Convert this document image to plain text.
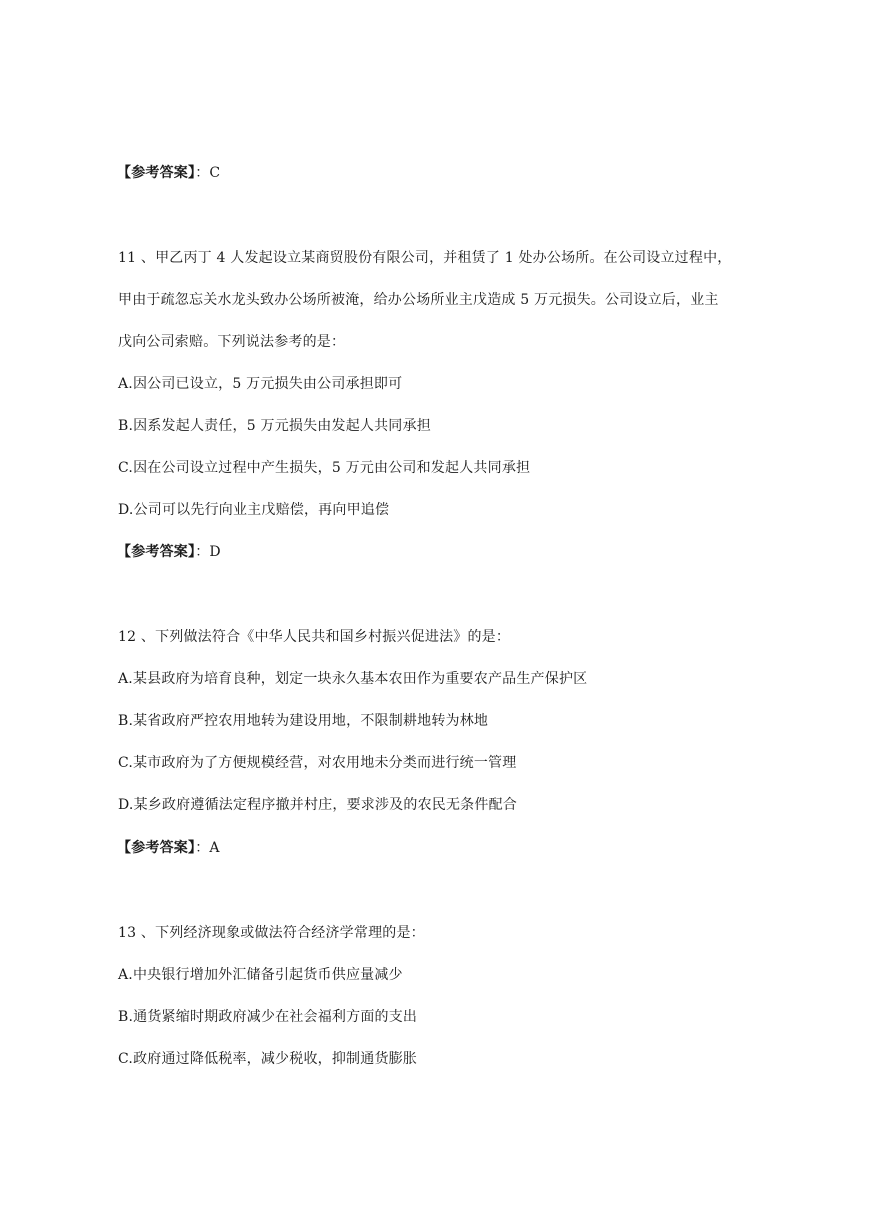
【参考答案】：C
11 、甲乙丙丁 4 人发起设立某商贸股份有限公司，并租赁了 1 处办公场所。在公司设立过程中，
甲由于疏忽忘关水龙头致办公场所被淹，给办公场所业主戊造成 5 万元损失。公司设立后，业主
戊向公司索赔。下列说法参考的是：
A.因公司已设立，5 万元损失由公司承担即可
B.因系发起人责任，5 万元损失由发起人共同承担
C.因在公司设立过程中产生损失，5 万元由公司和发起人共同承担
D.公司可以先行向业主戊赔偿，再向甲追偿
【参考答案】：D
12 、下列做法符合《中华人民共和国乡村振兴促进法》的是：
A.某县政府为培育良种，划定一块永久基本农田作为重要农产品生产保护区
B.某省政府严控农用地转为建设用地，不限制耕地转为林地
C.某市政府为了方便规模经营，对农用地未分类而进行统一管理
D.某乡政府遵循法定程序撤并村庄，要求涉及的农民无条件配合
【参考答案】：A
13 、下列经济现象或做法符合经济学常理的是：
A.中央银行增加外汇储备引起货币供应量减少
B.通货紧缩时期政府减少在社会福利方面的支出
C.政府通过降低税率，减少税收，抑制通货膨胀
